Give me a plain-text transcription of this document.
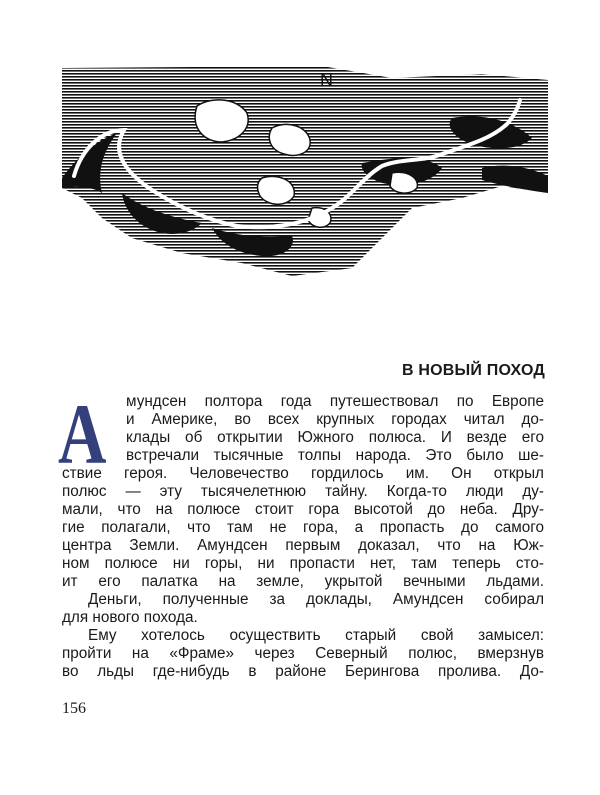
N
В НОВЫЙ ПОХОД
А мундсен полтора года путешествовал по Европе
и Америке, во всех крупных городах читал до-
клады об открытии Южного полюса. И везде его
встречали тысячные толпы народа. Это было ше-
ствие героя. Человечество гордилось им. Он открыл
полюс — эту тысячелетнюю тайну. Когда-то люди ду-
мали, что на полюсе стоит гора высотой до неба. Дру-
гие полагали, что там не гора, а пропасть до самого
центра Земли. Амундсен первым доказал, что на Юж-
ном полюсе ни горы, ни пропасти нет, там теперь сто-
ит его палатка на земле, укрытой вечными льдами.
Деньги, полученные за доклады, Амундсен собирал
для нового похода.
Ему хотелось осуществить старый свой замысел:
пройти на «Фраме» через Северный полюс, вмерзнув
во льды где-нибудь в районе Берингова пролива. До-
156
